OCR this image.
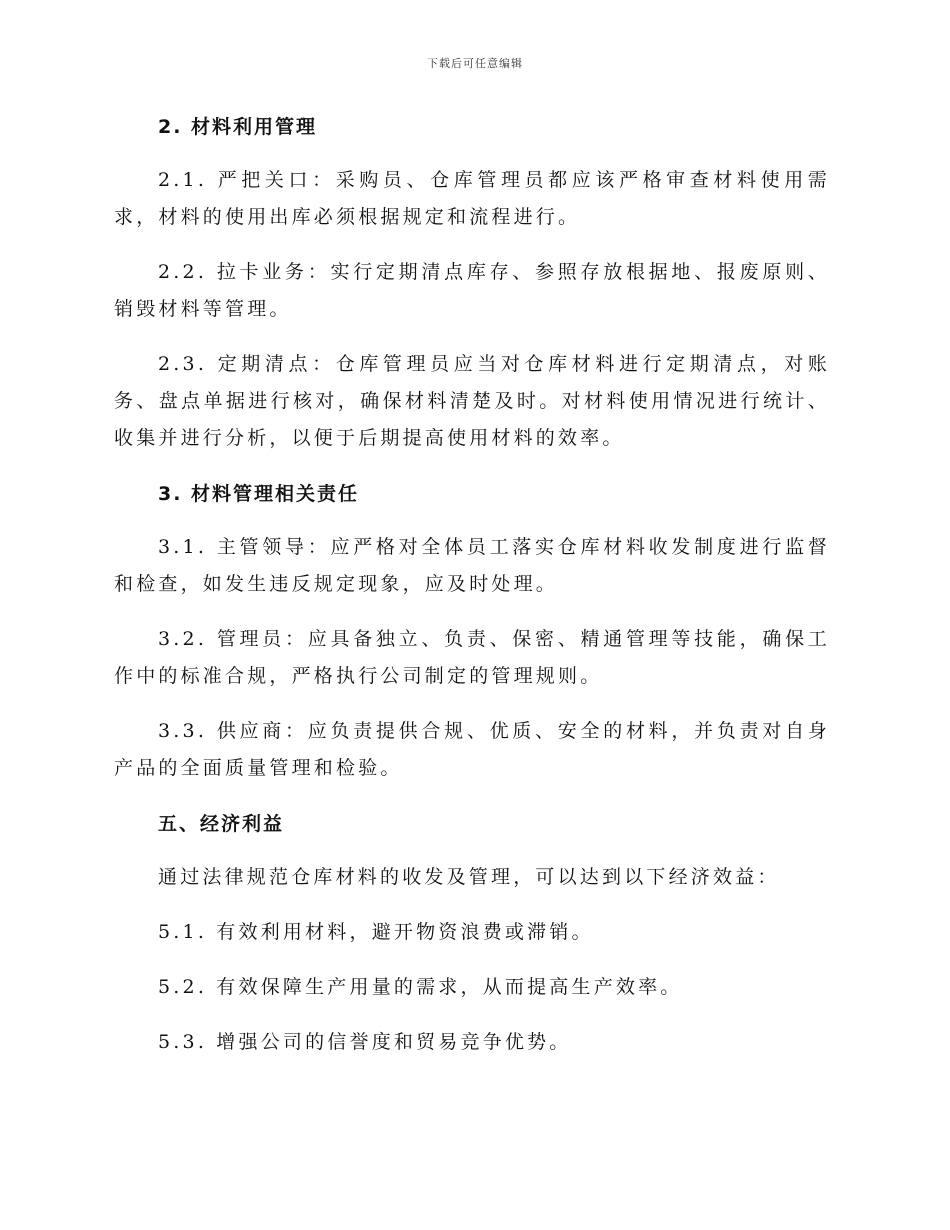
下载后可任意编辑
2. 材料利用管理

2.1. 严把关口：采购员、仓库管理员都应该严格审查材料使用需求，材料的使用出库必须根据规定和流程进行。

2.2. 拉卡业务：实行定期清点库存、参照存放根据地、报废原则、销毁材料等管理。

2.3. 定期清点：仓库管理员应当对仓库材料进行定期清点，对账务、盘点单据进行核对，确保材料清楚及时。对材料使用情况进行统计、收集并进行分析，以便于后期提高使用材料的效率。

3. 材料管理相关责任

3.1. 主管领导：应严格对全体员工落实仓库材料收发制度进行监督和检查，如发生违反规定现象，应及时处理。

3.2. 管理员：应具备独立、负责、保密、精通管理等技能，确保工作中的标准合规，严格执行公司制定的管理规则。

3.3. 供应商：应负责提供合规、优质、安全的材料，并负责对自身产品的全面质量管理和检验。

五、经济利益

通过法律规范仓库材料的收发及管理，可以达到以下经济效益：

5.1. 有效利用材料，避开物资浪费或滞销。

5.2. 有效保障生产用量的需求，从而提高生产效率。

5.3. 增强公司的信誉度和贸易竞争优势。
